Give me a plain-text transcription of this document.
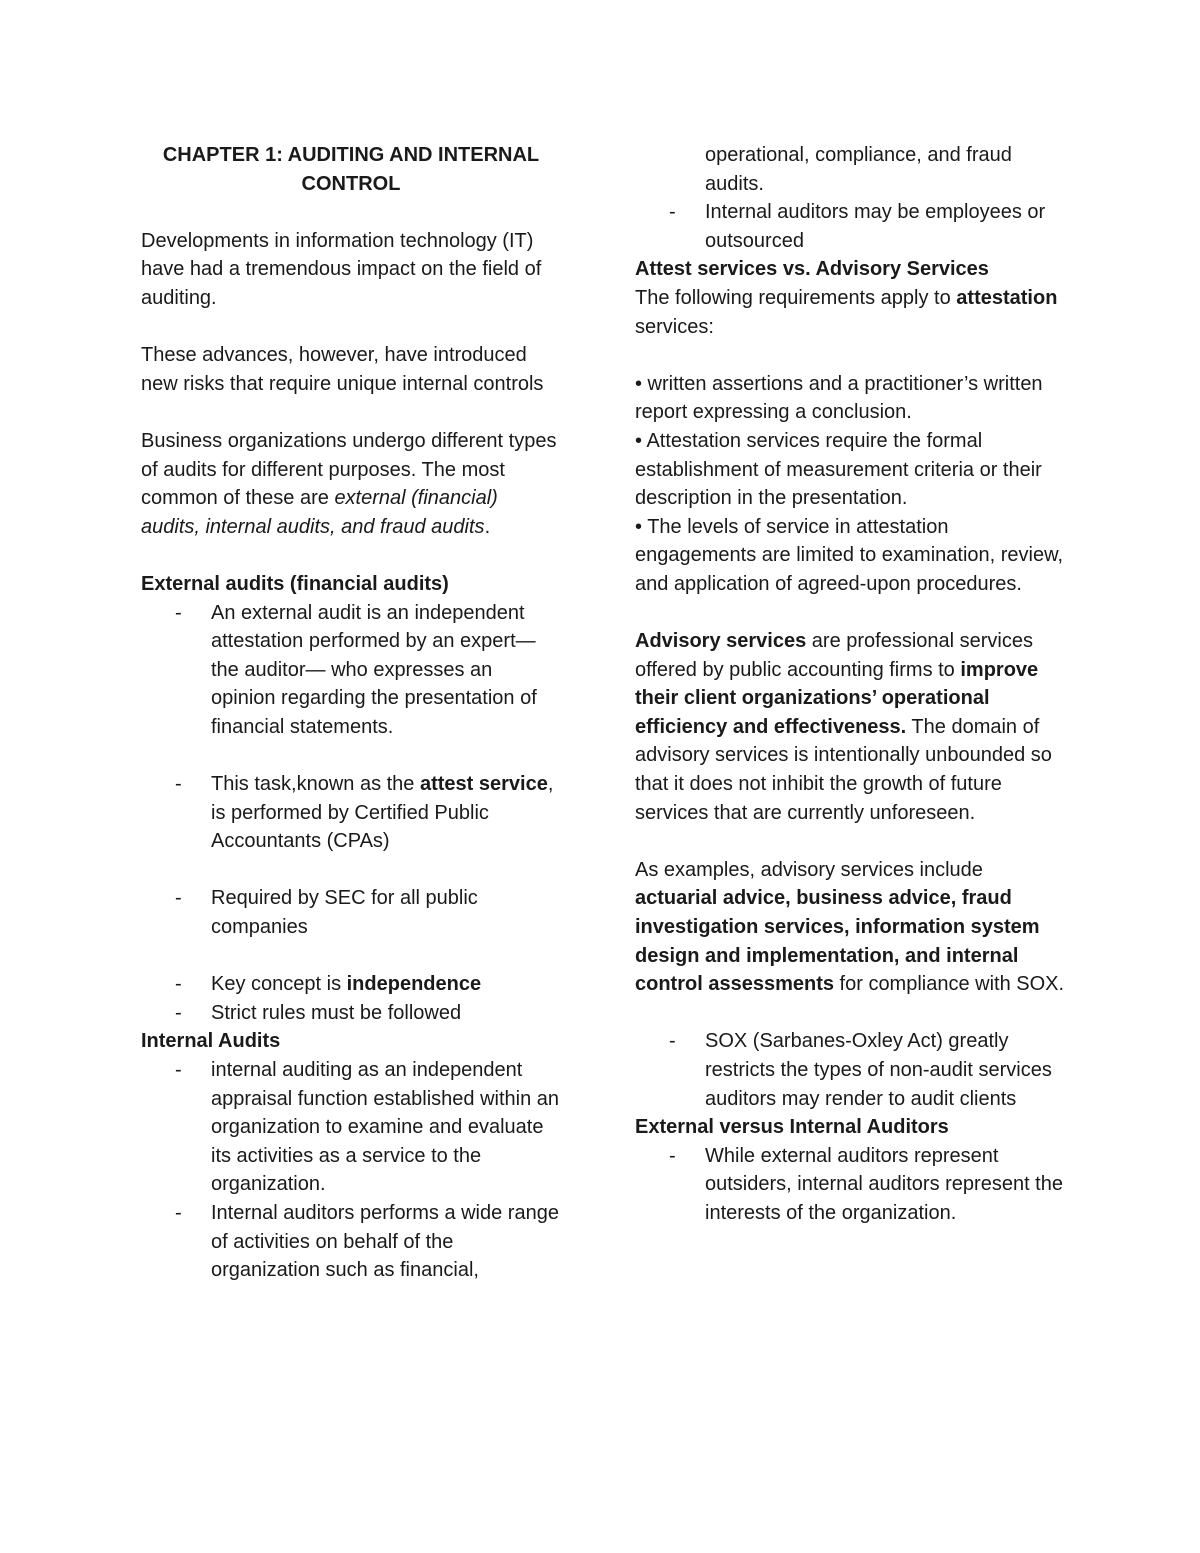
CHAPTER 1: AUDITING AND INTERNAL
CONTROL

Developments in information technology (IT) have had a tremendous impact on the field of auditing.

These advances, however, have introduced new risks that require unique internal controls

Business organizations undergo different types of audits for different purposes. The most common of these are external (financial) audits, internal audits, and fraud audits.

External audits (financial audits)
- An external audit is an independent attestation performed by an expert—the auditor— who expresses an opinion regarding the presentation of financial statements.
- This task,known as the attest service, is performed by Certified Public Accountants (CPAs)
- Required by SEC for all public companies
- Key concept is independence
- Strict rules must be followed
Internal Audits
- internal auditing as an independent appraisal function established within an organization to examine and evaluate its activities as a service to the organization.
- Internal auditors performs a wide range of activities on behalf of the organization such as financial,
operational, compliance, and fraud audits.
- Internal auditors may be employees or outsourced
Attest services vs. Advisory Services

The following requirements apply to attestation services:

• written assertions and a practitioner’s written report expressing a conclusion.
• Attestation services require the formal establishment of measurement criteria or their description in the presentation.

• The levels of service in attestation engagements are limited to examination, review, and application of agreed-upon procedures.

Advisory services are professional services offered by public accounting firms to improve their client organizations’ operational efficiency and effectiveness. The domain of advisory services is intentionally unbounded so that it does not inhibit the growth of future services that are currently unforeseen.

As examples, advisory services include actuarial advice, business advice, fraud investigation services, information system design and implementation, and internal control assessments for compliance with SOX.

- SOX (Sarbanes-Oxley Act) greatly restricts the types of non-audit services auditors may render to audit clients
External versus Internal Auditors
- While external auditors represent outsiders, internal auditors represent the interests of the organization.
